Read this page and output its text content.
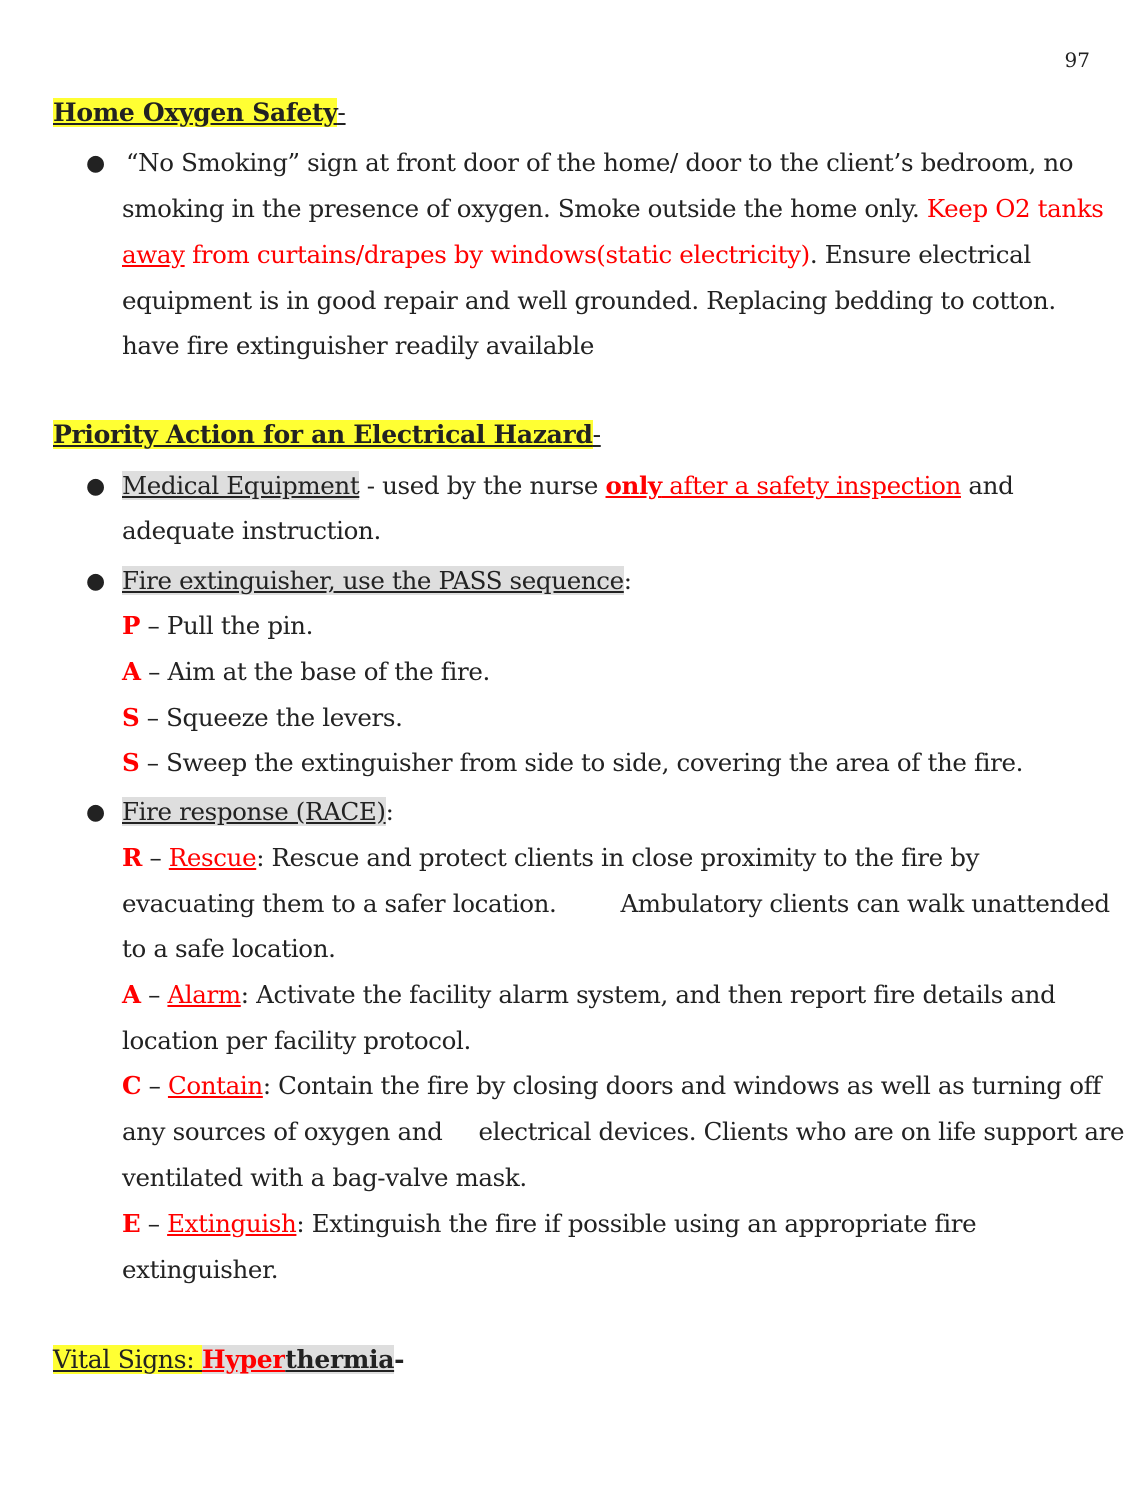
97
Home Oxygen Safety-
● “No Smoking” sign at front door of the home/ door to the client’s bedroom, no
smoking in the presence of oxygen. Smoke outside the home only. Keep O2 tanks
away from curtains/drapes by windows(static electricity). Ensure electrical
equipment is in good repair and well grounded. Replacing bedding to cotton.
have fire extinguisher readily available
Priority Action for an Electrical Hazard-
● Medical Equipment - used by the nurse only after a safety inspection and
adequate instruction.
● Fire extinguisher, use the PASS sequence:
P – Pull the pin.
A – Aim at the base of the fire.
S – Squeeze the levers.
S – Sweep the extinguisher from side to side, covering the area of the fire.
● Fire response (RACE):
R – Rescue: Rescue and protect clients in close proximity to the fire by
evacuating them to a safer location.	Ambulatory clients can walk unattended
to a safe location.
A – Alarm: Activate the facility alarm system, and then report fire details and
location per facility protocol.
C – Contain: Contain the fire by closing doors and windows as well as turning off
any sources of oxygen and electrical devices. Clients who are on life support are
ventilated with a bag-valve mask.
E – Extinguish: Extinguish the fire if possible using an appropriate fire
extinguisher.
Vital Signs: Hyperthermia-
